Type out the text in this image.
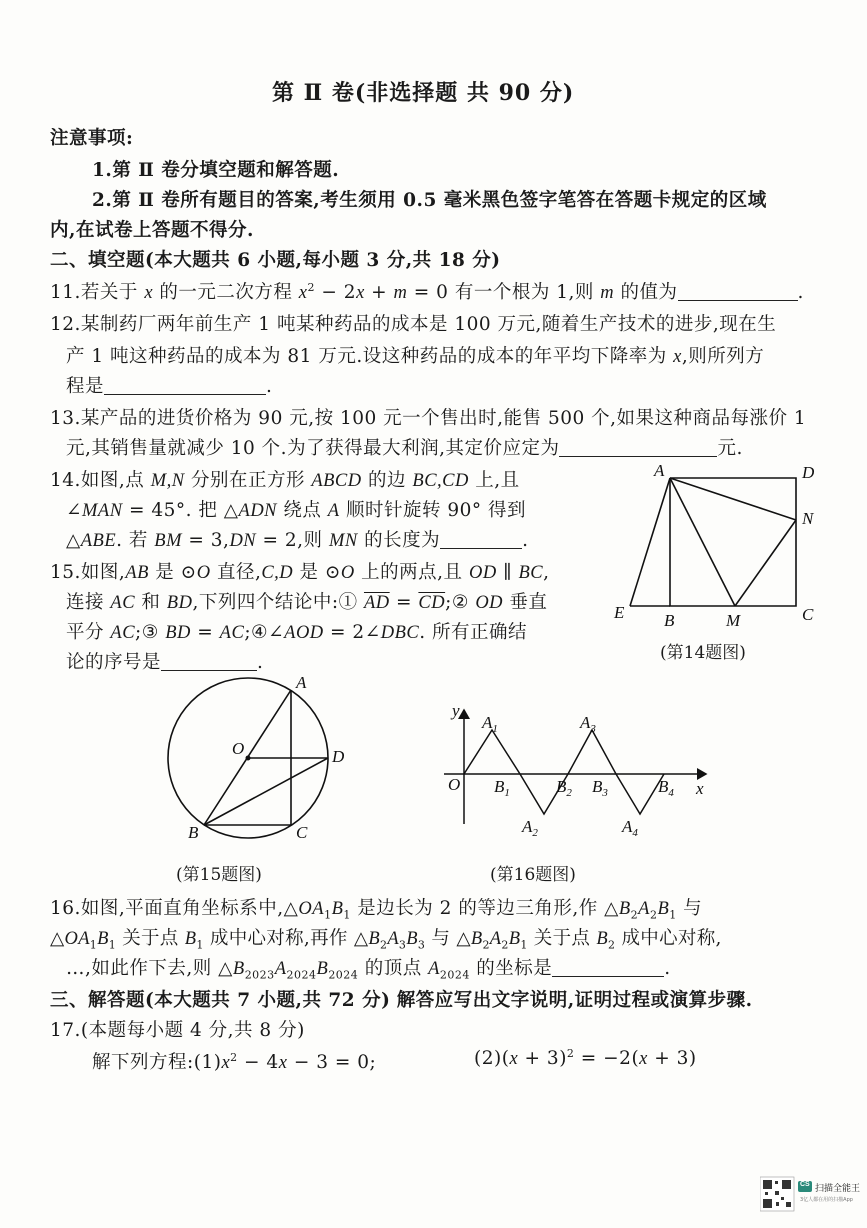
第 Ⅱ 卷(非选择题 共 90 分)
注意事项:
1.第 Ⅱ 卷分填空题和解答题.
2.第 Ⅱ 卷所有题目的答案,考生须用 0.5 毫米黑色签字笔答在答题卡规定的区域
内,在试卷上答题不得分.
二、填空题(本大题共 6 小题,每小题 3 分,共 18 分)
11.若关于 x 的一元二次方程 $x^2 - 2x + m = 0$ 有一个根为 1,则 m 的值为	.
12.某制药厂两年前生产 1 吨某种药品的成本是 100 万元,随着生产技术的进步,现在生
产 1 吨这种药品的成本为 81 万元.设这种药品的成本的年平均下降率为 x,则所列方
程是	.
13.某产品的进货价格为 90 元,按 100 元一个售出时,能售 500 个,如果这种商品每涨价 1
元,其销售量就减少 10 个.为了获得最大利润,其定价应定为	元.
14.如图,点 M,N 分别在正方形 ABCD 的边 BC,CD 上,且
∠MAN = 45°. 把 △ADN 绕点 A 顺时针旋转 90° 得到
△ABE. 若 BM = 3,DN = 2,则 MN 的长度为	.
15.如图,AB 是 ⊙O 直径,C,D 是 ⊙O 上的两点,且 OD ∥ BC,
连接 AC 和 BD,下列四个结论中:① $\overline{AD}$ = $\overline{CD};②$ OD 垂直
平分 AC;③ BD = AC;④∠AOD = 2∠DBC. 所有正确结
论的序号是	.
A	D
N
C
M
B
E
(第14题图)
A
D
O
B	C
(第15题图)
y
x
O
$A_1$	$A_3$
$A_2$	$A_4$
$B_1$	$B_2$ $B_3$	$B_4$
(第16题图)
16.如图,平面直角坐标系中$,\triangle OA_1B_1$ 是边长为 2 的等边三角形,作 $\triangle B_2A_2B_1$ 与
$\triangle OA_1B_1$ 关于点 $B_1$ 成中心对称,再作 $\triangle B_2A_3B_3$ 与 $\triangle B_2A_2B_1$ 关于点 $B_2$ 成中心对称,
…,如此作下去,则 $\triangle B_{2023}A_{2024}B_{2024}$ 的顶点 $A_{2024}$ 的坐标是	.
三、解答题(本大题共 7 小题,共 72 分) 解答应写出文字说明,证明过程或演算步骤.
17.(本题每小题 4 分,共 8 分)
解下列方程$:(1)x^2 - 4x - 3 = 0$;	$(2)(x + 3)^2 = -2(x + 3)$
CS 扫描全能王
3亿人都在用的扫描App
